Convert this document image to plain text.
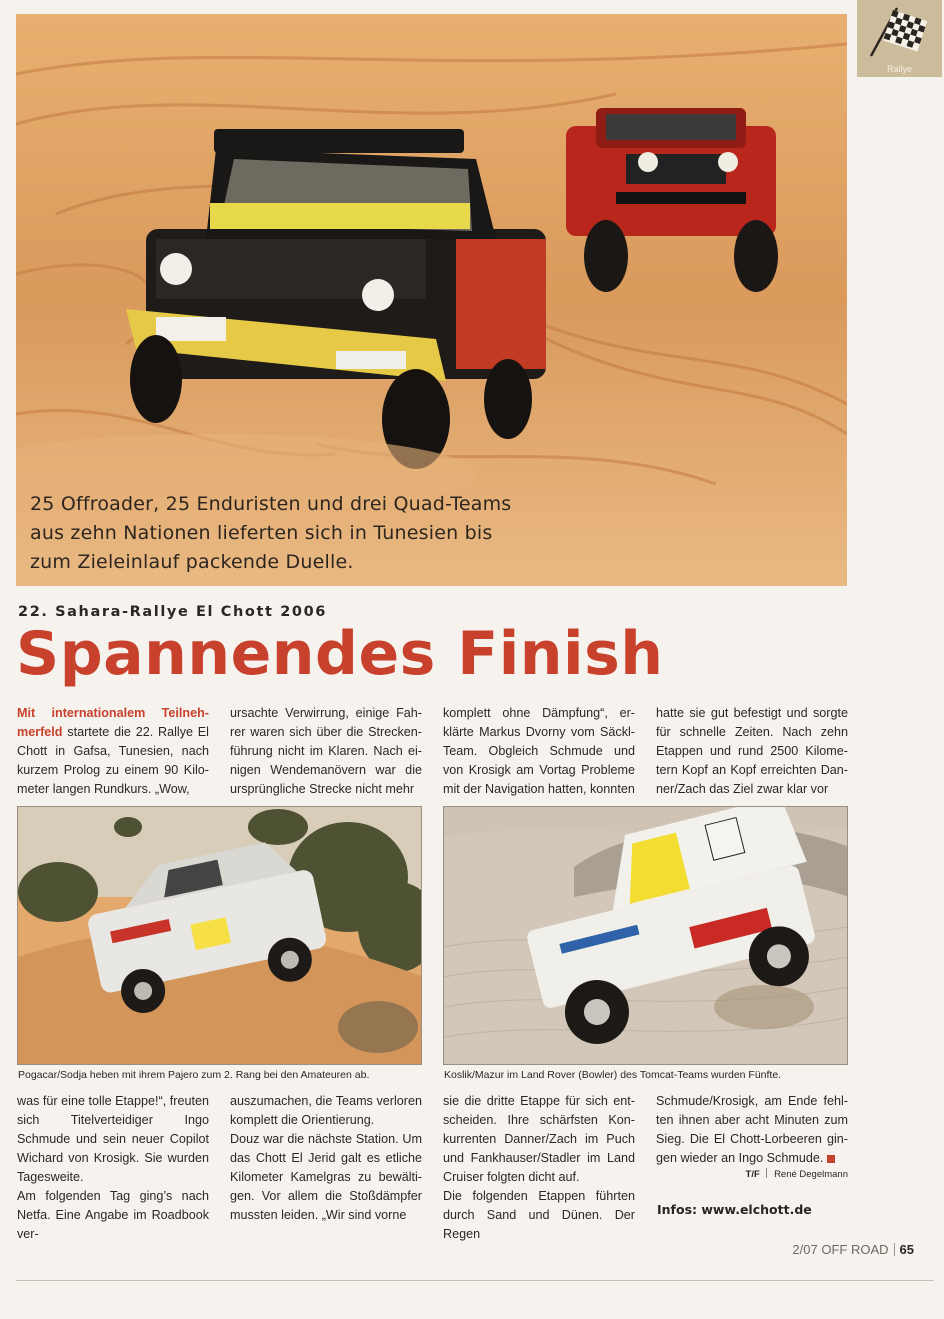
25 Offroader, 25 Enduristen und drei Quad-Teams
aus zehn Nationen lieferten sich in Tunesien bis
zum Zieleinlauf packende Duelle.
Rallye
22. Sahara-Rallye El Chott 2006
Spannendes Finish

Mit internationalem Teilnehmerfeld startete die 22. Rallye El Chott in Gafsa, Tunesien, nach kurzem Prolog zu einem 90 Kilometer langen Rundkurs. „Wow,

ursachte Verwirrung, einige Fahrer waren sich über die Streckenführung nicht im Klaren. Nach einigen Wendemanövern war die ursprüngliche Strecke nicht mehr

komplett ohne Dämpfung“, erklärte Markus Dvorny vom Säckl-Team. Obgleich Schmude und von Krosigk am Vortag Probleme mit der Navigation hatten, konnten

hatte sie gut befestigt und sorgte für schnelle Zeiten. Nach zehn Etappen und rund 2500 Kilometern Kopf an Kopf erreichten Danner/Zach das Ziel zwar klar vor

Pogacar/Sodja heben mit ihrem Pajero zum 2. Rang bei den Amateuren ab.	Koslik/Mazur im Land Rover (Bowler) des Tomcat-Teams wurden Fünfte.

was für eine tolle Etappe!“, freuten sich Titelverteidiger Ingo Schmude und sein neuer Copilot Wichard von Krosigk. Sie wurden Tagesweite.

Am folgenden Tag ging’s nach Netfa. Eine Angabe im Roadbook ver-

auszumachen, die Teams verloren komplett die Orientierung.

Douz war die nächste Station. Um das Chott El Jerid galt es etliche Kilometer Kamelgras zu bewältigen. Vor allem die Stoßdämpfer mussten leiden. „Wir sind vorne

sie die dritte Etappe für sich entscheiden. Ihre schärfsten Konkurrenten Danner/Zach im Puch und Fankhauser/Stadler im Land Cruiser folgten dicht auf.

Die folgenden Etappen führten durch Sand und Dünen. Der Regen

Schmude/Krosigk, am Ende fehlten ihnen aber acht Minuten zum Sieg. Die El Chott-Lorbeeren gingen wieder an Ingo Schmude.

T/F René Degelmann
Infos: www.elchott.de
2/07 OFF ROAD 65
